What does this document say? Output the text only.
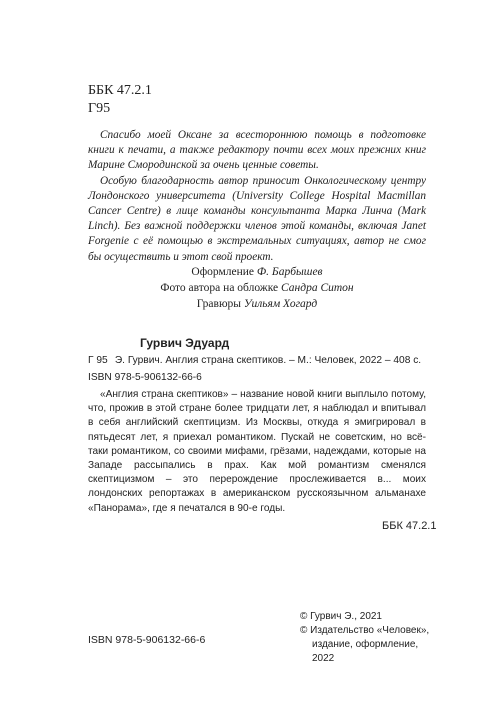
ББК 47.2.1
Г95

Спасибо моей Оксане за всестороннюю помощь в подготовке книги к печати, а также редактору почти всех моих прежних книг Марине Смородинской за очень ценные советы.

Особую благодарность автор приносит Онкологическому центру Лондонского университета (University College Hospital Macmillan Cancer Centre) в лице команды консультанта Марка Линча (Mark Linch). Без важной поддержки членов этой команды, включая Janet Forgenie с её помощью в экстремальных ситуациях, автор не смог бы осуществить и этот свой проект.

Оформление Ф. Барбышев
Фото автора на обложке Сандра Ситон
Гравюры Уильям Хогард
Гурвич Эдуард
Г 95 Э. Гурвич. Англия страна скептиков. – М.: Человек, 2022 – 408 с.
ISBN 978-5-906132-66-6

«Англия страна скептиков» – название новой книги выплыло потому, что, прожив в этой стране более тридцати лет, я наблюдал и впитывал в себя английский скептицизм. Из Москвы, откуда я эмигрировал в пятьдесят лет, я приехал романтиком. Пускай не советским, но всё-таки романтиком, со своими мифами, грёзами, надеждами, которые на Западе рассыпались в прах. Как мой романтизм сменялся скептицизмом – это перерождение прослеживается в... моих лондонских репортажах в американском русскоязычном альманахе «Панорама», где я печатался в 90-е годы.

ББК 47.2.1
ISBN 978-5-906132-66-6
© Гурвич Э., 2021
© Издательство «Человек»,
издание, оформление, 2022
